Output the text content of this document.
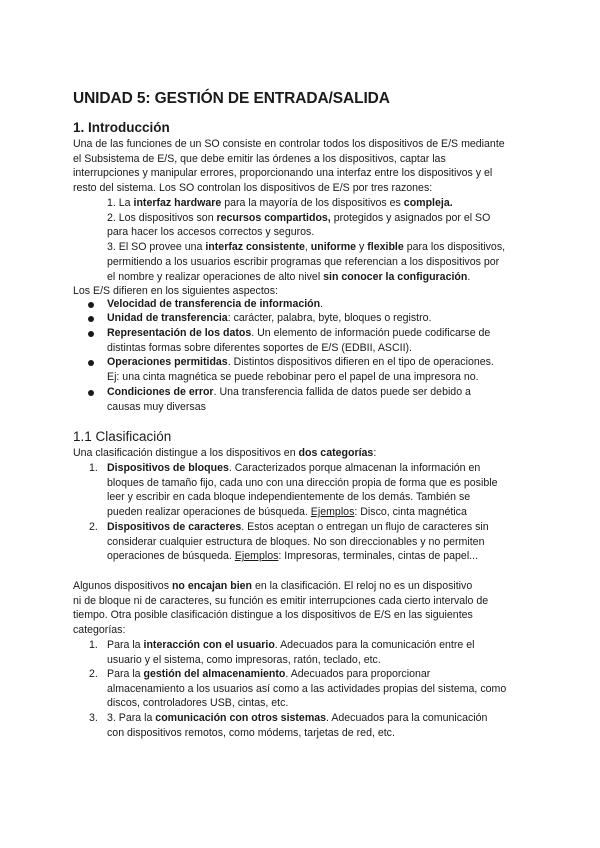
UNIDAD 5: GESTIÓN DE ENTRADA/SALIDA
1. Introducción

Una de las funciones de un SO consiste en controlar todos los dispositivos de E/S mediante

el Subsistema de E/S, que debe emitir las órdenes a los dispositivos, captar las

interrupciones y manipular errores, proporcionando una interfaz entre los dispositivos y el

resto del sistema. Los SO controlan los dispositivos de E/S por tres razones:

1. La interfaz hardware para la mayoría de los dispositivos es compleja.

2. Los dispositivos son recursos compartidos, protegidos y asignados por el SO

para hacer los accesos correctos y seguros.

3. El SO provee una interfaz consistente, uniforme y flexible para los dispositivos,

permitiendo a los usuarios escribir programas que referencian a los dispositivos por

el nombre y realizar operaciones de alto nivel sin conocer la configuración.

Los E/S difieren en los siguientes aspectos:

Velocidad de transferencia de información.

Unidad de transferencia: carácter, palabra, byte, bloques o registro.

Representación de los datos. Un elemento de información puede codificarse de

distintas formas sobre diferentes soportes de E/S (EDBII, ASCII).

Operaciones permitidas. Distintos dispositivos difieren en el tipo de operaciones.

Ej: una cinta magnética se puede rebobinar pero el papel de una impresora no.

Condiciones de error. Una transferencia fallida de datos puede ser debido a

causas muy diversas

1.1 Clasificación

Una clasificación distingue a los dispositivos en dos categorías:

1. Dispositivos de bloques. Caracterizados porque almacenan la información en

bloques de tamaño fijo, cada uno con una dirección propia de forma que es posible

leer y escribir en cada bloque independientemente de los demás. También se

pueden realizar operaciones de búsqueda. Ejemplos: Disco, cinta magnética

2. Dispositivos de caracteres. Estos aceptan o entregan un flujo de caracteres sin

considerar cualquier estructura de bloques. No son direccionables y no permiten

operaciones de búsqueda. Ejemplos: Impresoras, terminales, cintas de papel...

Algunos dispositivos no encajan bien en la clasificación. El reloj no es un dispositivo

ni de bloque ni de caracteres, su función es emitir interrupciones cada cierto intervalo de

tiempo. Otra posible clasificación distingue a los dispositivos de E/S en las siguientes

categorías:

1. Para la interacción con el usuario. Adecuados para la comunicación entre el

usuario y el sistema, como impresoras, ratón, teclado, etc.

2. Para la gestión del almacenamiento. Adecuados para proporcionar

almacenamiento a los usuarios así como a las actividades propias del sistema, como

discos, controladores USB, cintas, etc.

3. 3. Para la comunicación con otros sistemas. Adecuados para la comunicación

con dispositivos remotos, como módems, tarjetas de red, etc.
